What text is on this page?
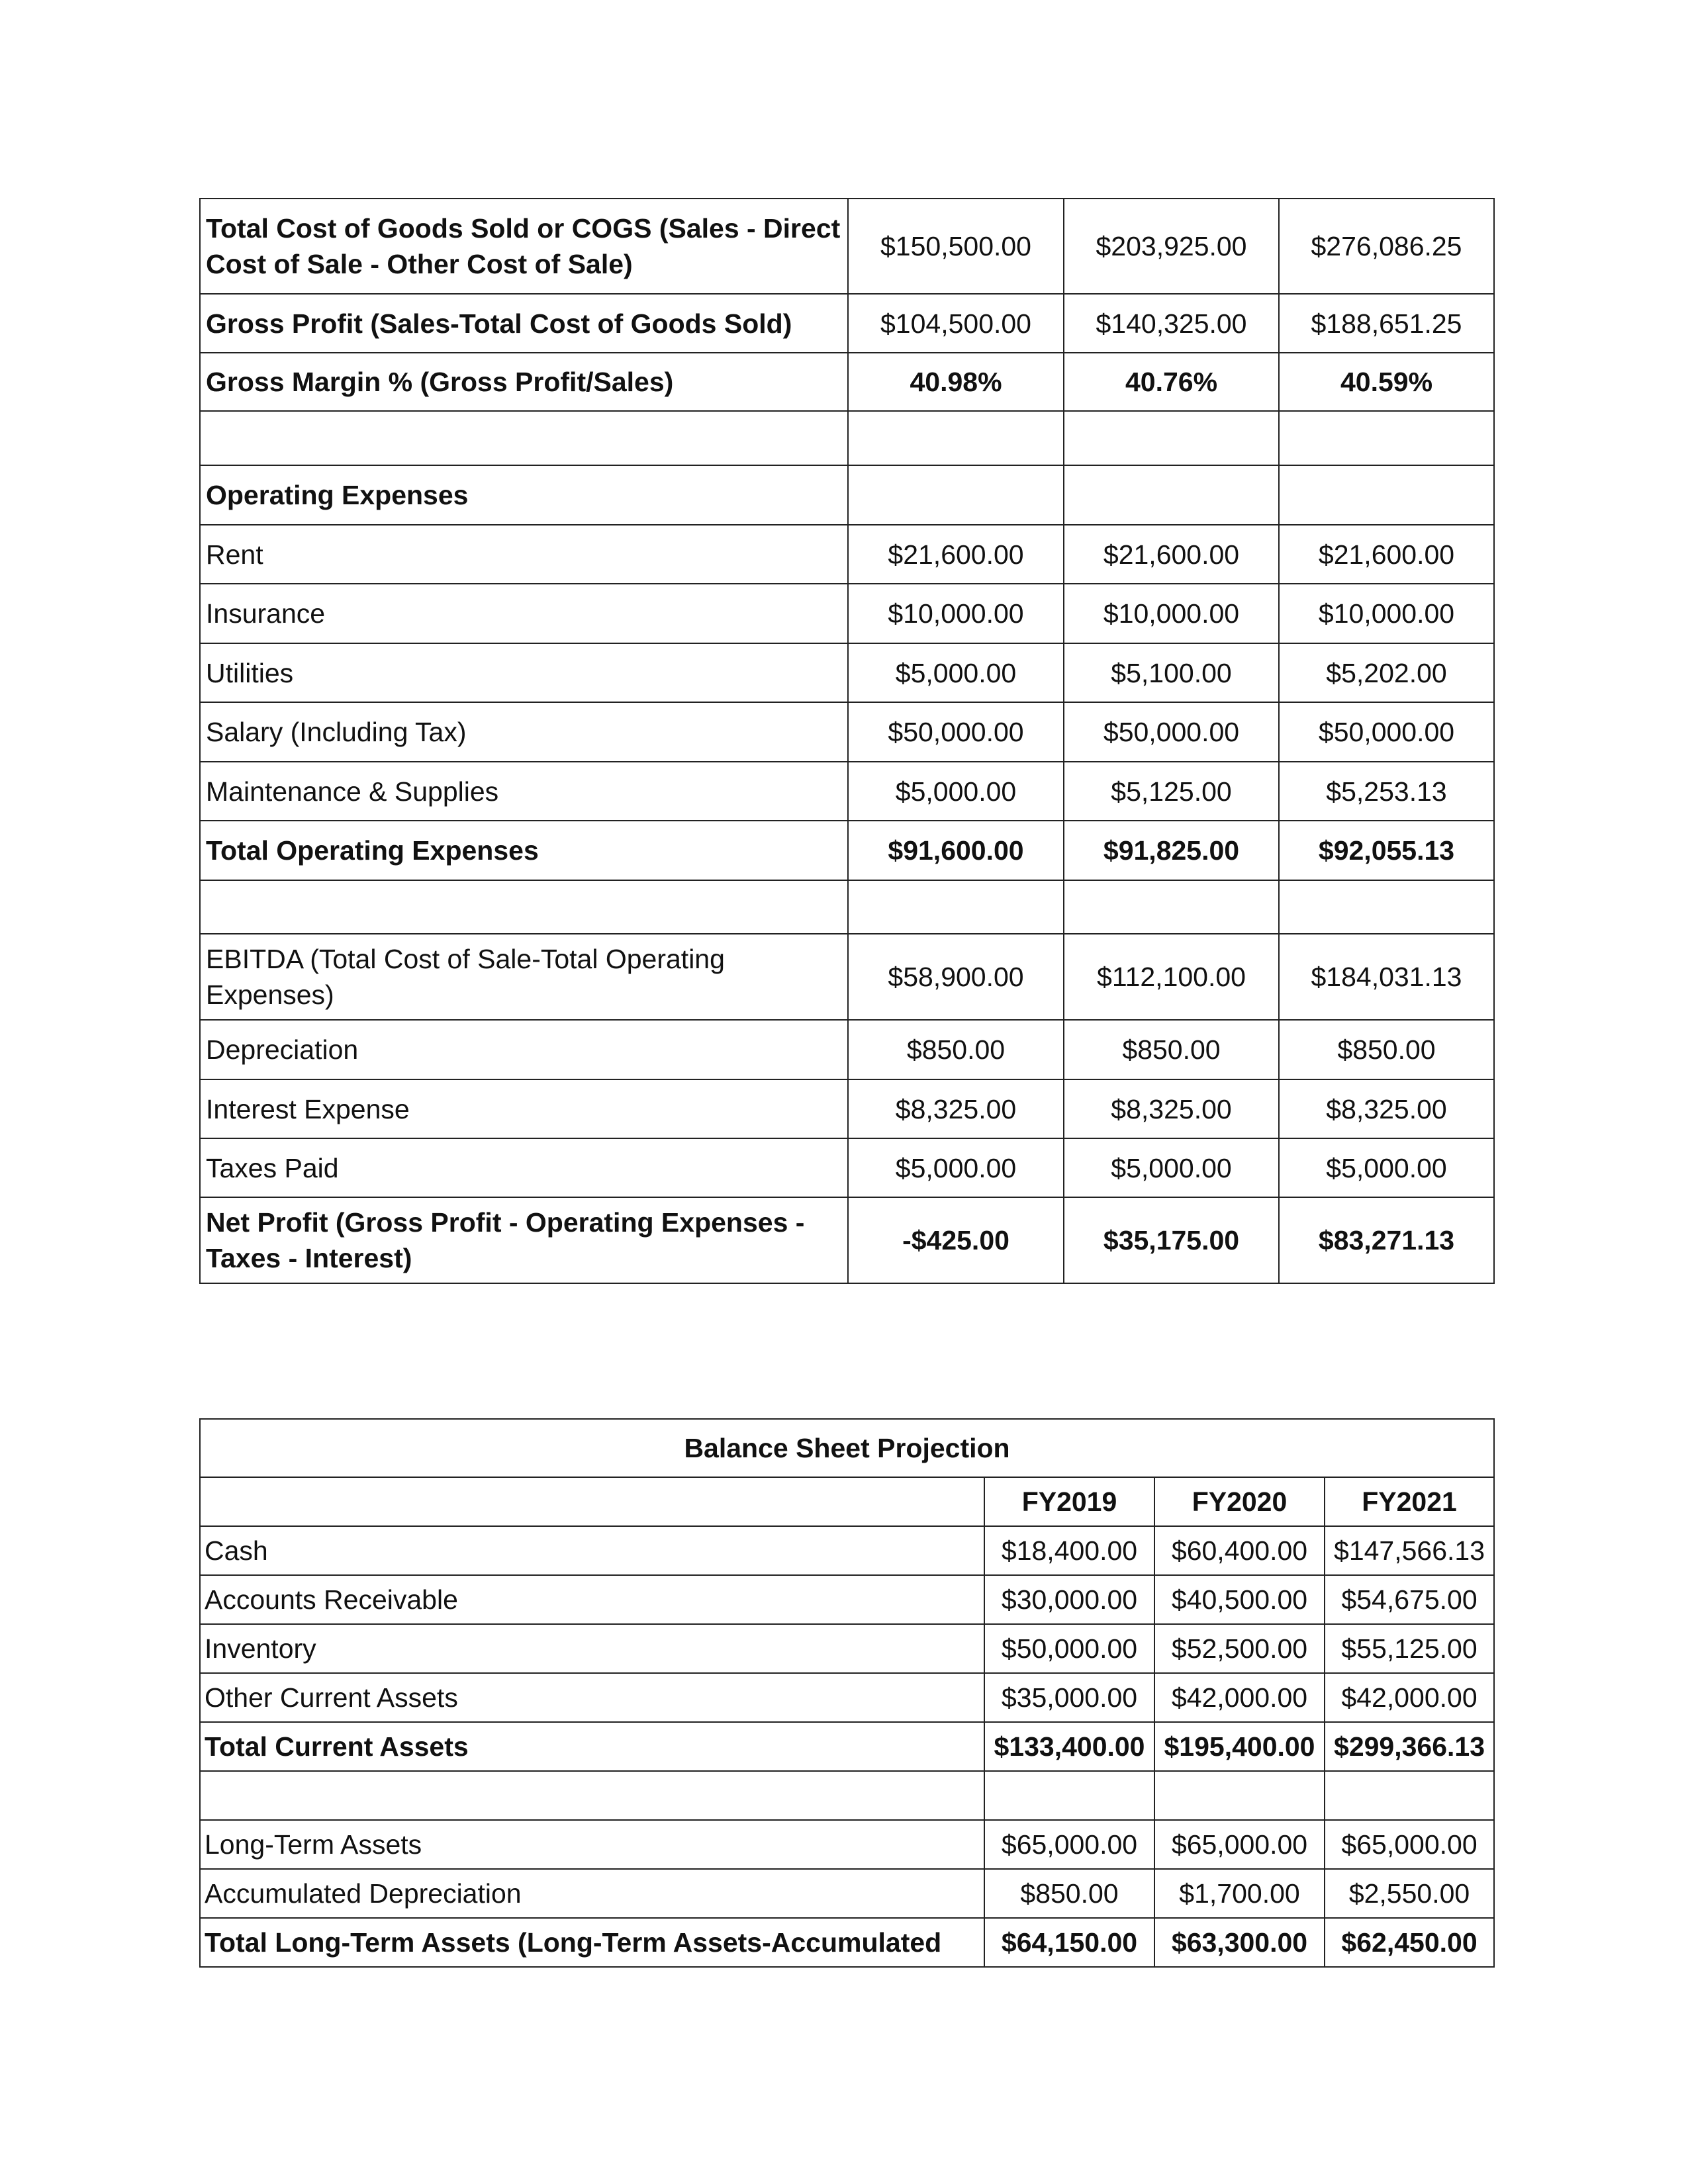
Total Cost of Goods Sold or COGS (Sales - Direct Cost of Sale - Other Cost of Sale)	$150,500.00	$203,925.00	$276,086.25
Gross Profit (Sales-Total Cost of Goods Sold)	$104,500.00	$140,325.00	$188,651.25
Gross Margin % (Gross Profit/Sales)	40.98%	40.76%	40.59%

Operating Expenses			
Rent	$21,600.00	$21,600.00	$21,600.00
Insurance	$10,000.00	$10,000.00	$10,000.00
Utilities	$5,000.00	$5,100.00	$5,202.00
Salary (Including Tax)	$50,000.00	$50,000.00	$50,000.00
Maintenance & Supplies	$5,000.00	$5,125.00	$5,253.13
Total Operating Expenses	$91,600.00	$91,825.00	$92,055.13

EBITDA (Total Cost of Sale-Total Operating Expenses)	$58,900.00	$112,100.00	$184,031.13
Depreciation	$850.00	$850.00	$850.00
Interest Expense	$8,325.00	$8,325.00	$8,325.00
Taxes Paid	$5,000.00	$5,000.00	$5,000.00
Net Profit (Gross Profit - Operating Expenses - Taxes - Interest)	-$425.00	$35,175.00	$83,271.13
Balance Sheet Projection			
	FY2019	FY2020	FY2021
Cash	$18,400.00	$60,400.00	$147,566.13
Accounts Receivable	$30,000.00	$40,500.00	$54,675.00
Inventory	$50,000.00	$52,500.00	$55,125.00
Other Current Assets	$35,000.00	$42,000.00	$42,000.00
Total Current Assets	$133,400.00	$195,400.00	$299,366.13

Long-Term Assets	$65,000.00	$65,000.00	$65,000.00
Accumulated Depreciation	$850.00	$1,700.00	$2,550.00
Total Long-Term Assets (Long-Term Assets-Accumulated	$64,150.00	$63,300.00	$62,450.00
